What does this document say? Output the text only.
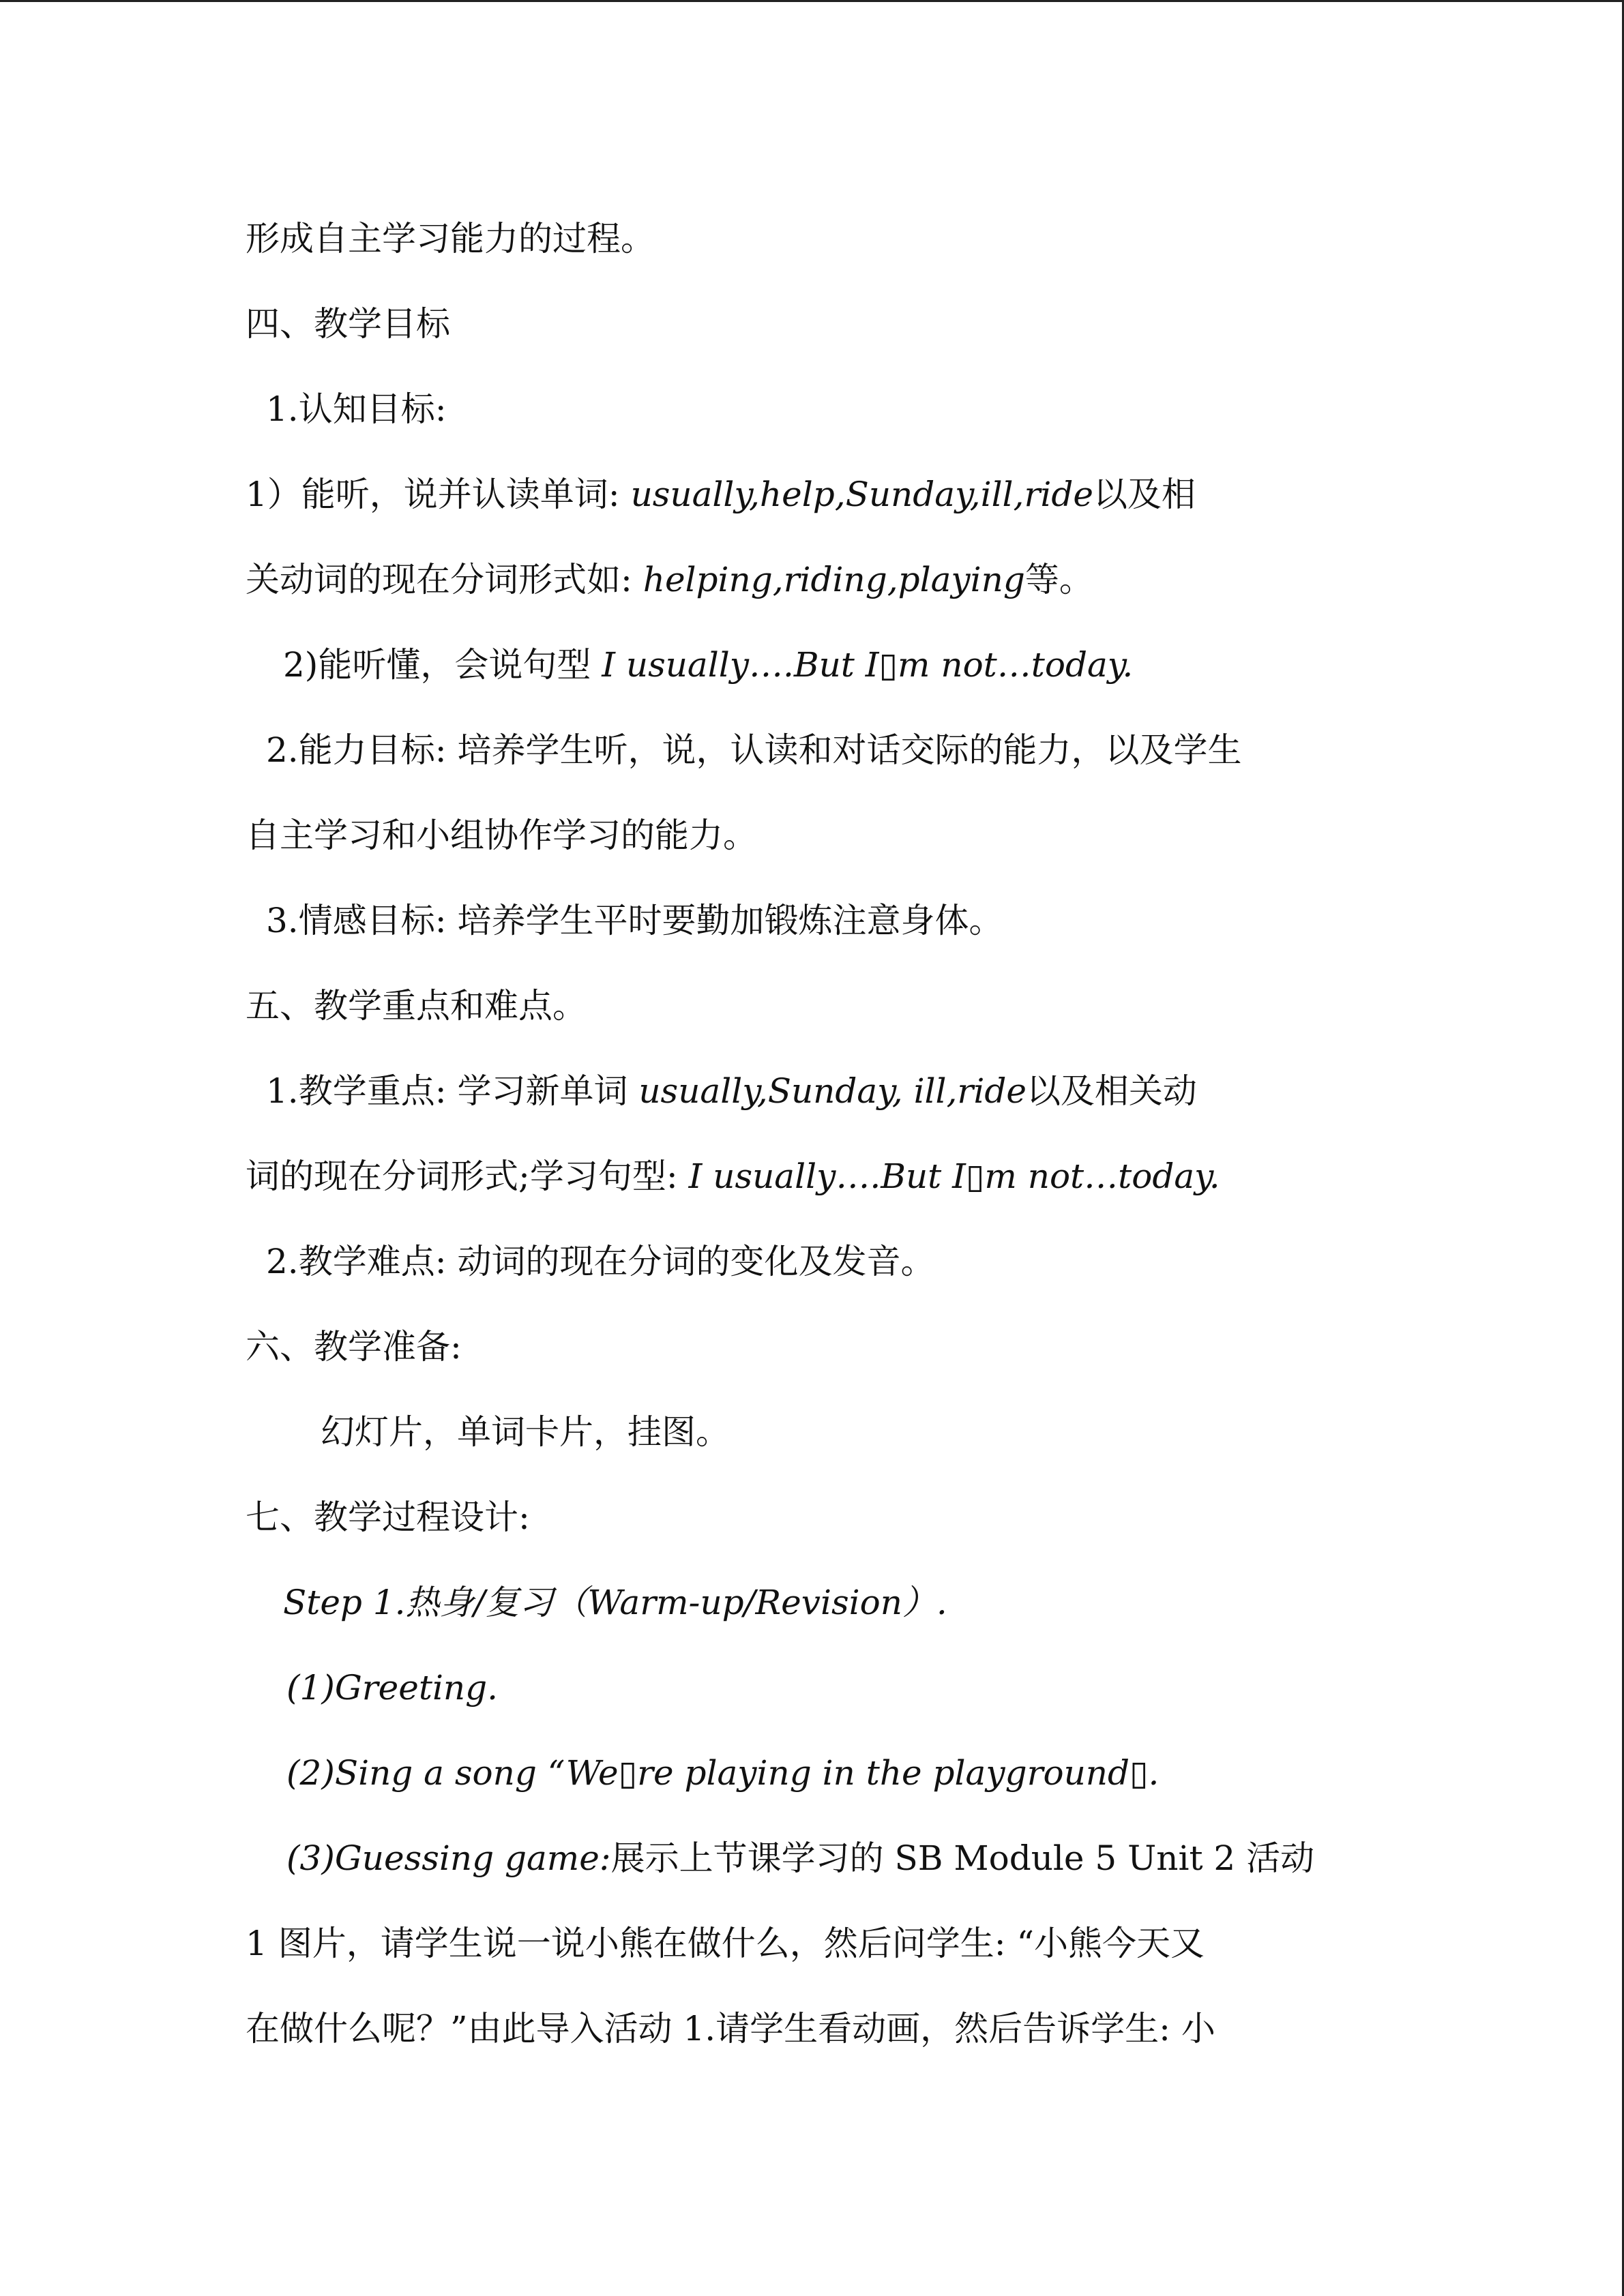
形成自主学习能力的过程。
四、教学目标
1.认知目标:
1）能听，说并认读单词: usually,help,Sunday,ill,ride以及相
关动词的现在分词形式如: helping,riding,playing等。
2)能听懂，会说句型 I usually….But I▯m not…today.
2.能力目标: 培养学生听，说，认读和对话交际的能力，以及学生
自主学习和小组协作学习的能力。
3.情感目标: 培养学生平时要勤加锻炼注意身体。
五、教学重点和难点。
1.教学重点: 学习新单词 usually,Sunday, ill,ride以及相关动
词的现在分词形式;学习句型: I usually….But I▯m not…today.
2.教学难点: 动词的现在分词的变化及发音。
六、教学准备:
幻灯片，单词卡片，挂图。
七、教学过程设计:
Step 1.热身/复习（Warm-up/Revision）.
(1)Greeting.
(2)Sing a song “We▯re playing in the playground▯.
(3)Guessing game:展示上节课学习的 SB Module 5 Unit 2 活动
1 图片，请学生说一说小熊在做什么，然后问学生: “小熊今天又
在做什么呢？”由此导入活动 1.请学生看动画，然后告诉学生: 小
